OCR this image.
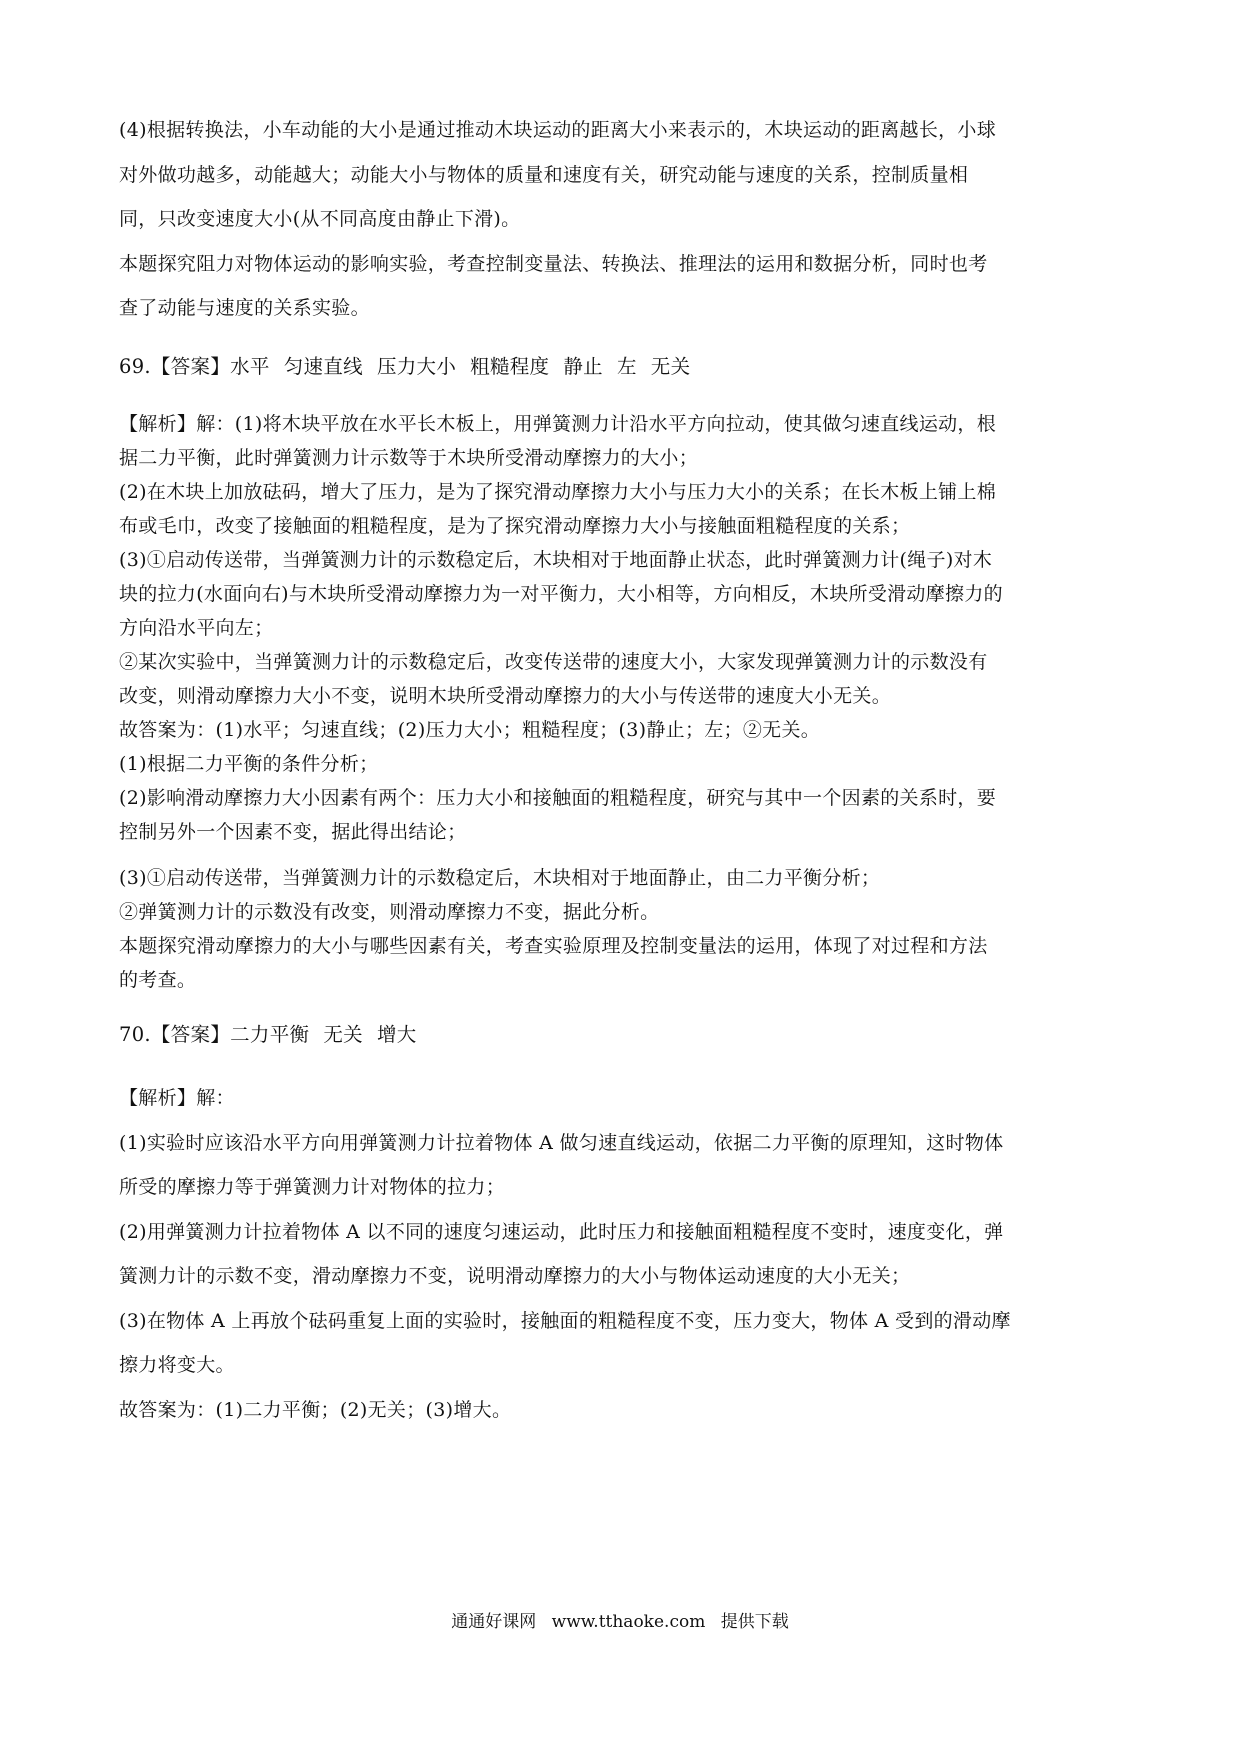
(4)根据转换法，小车动能的大小是通过推动木块运动的距离大小来表示的，木块运动的距离越长，小球
对外做功越多，动能越大；动能大小与物体的质量和速度有关，研究动能与速度的关系，控制质量相
同，只改变速度大小(从不同高度由静止下滑)。
本题探究阻力对物体运动的影响实验，考查控制变量法、转换法、推理法的运用和数据分析，同时也考
查了动能与速度的关系实验。
69.【答案】水平 匀速直线 压力大小 粗糙程度 静止 左 无关
【解析】解：(1)将木块平放在水平长木板上，用弹簧测力计沿水平方向拉动，使其做匀速直线运动，根
据二力平衡，此时弹簧测力计示数等于木块所受滑动摩擦力的大小；
(2)在木块上加放砝码，增大了压力，是为了探究滑动摩擦力大小与压力大小的关系；在长木板上铺上棉
布或毛巾，改变了接触面的粗糙程度，是为了探究滑动摩擦力大小与接触面粗糙程度的关系；
(3)①启动传送带，当弹簧测力计的示数稳定后，木块相对于地面静止状态，此时弹簧测力计(绳子)对木
块的拉力(水面向右)与木块所受滑动摩擦力为一对平衡力，大小相等，方向相反，木块所受滑动摩擦力的
方向沿水平向左；
②某次实验中，当弹簧测力计的示数稳定后，改变传送带的速度大小，大家发现弹簧测力计的示数没有
改变，则滑动摩擦力大小不变，说明木块所受滑动摩擦力的大小与传送带的速度大小无关。
故答案为：(1)水平；匀速直线；(2)压力大小；粗糙程度；(3)静止；左；②无关。
(1)根据二力平衡的条件分析；
(2)影响滑动摩擦力大小因素有两个：压力大小和接触面的粗糙程度，研究与其中一个因素的关系时，要
控制另外一个因素不变，据此得出结论；
(3)①启动传送带，当弹簧测力计的示数稳定后，木块相对于地面静止，由二力平衡分析；
②弹簧测力计的示数没有改变，则滑动摩擦力不变，据此分析。
本题探究滑动摩擦力的大小与哪些因素有关，考查实验原理及控制变量法的运用，体现了对过程和方法
的考查。
70.【答案】二力平衡 无关 增大
【解析】解：
(1)实验时应该沿水平方向用弹簧测力计拉着物体 A 做匀速直线运动，依据二力平衡的原理知，这时物体
所受的摩擦力等于弹簧测力计对物体的拉力；
(2)用弹簧测力计拉着物体 A 以不同的速度匀速运动，此时压力和接触面粗糙程度不变时，速度变化，弹
簧测力计的示数不变，滑动摩擦力不变，说明滑动摩擦力的大小与物体运动速度的大小无关；
(3)在物体 A 上再放个砝码重复上面的实验时，接触面的粗糙程度不变，压力变大，物体 A 受到的滑动摩
擦力将变大。
故答案为：(1)二力平衡；(2)无关；(3)增大。
通通好课网 www.tthaoke.com 提供下载
